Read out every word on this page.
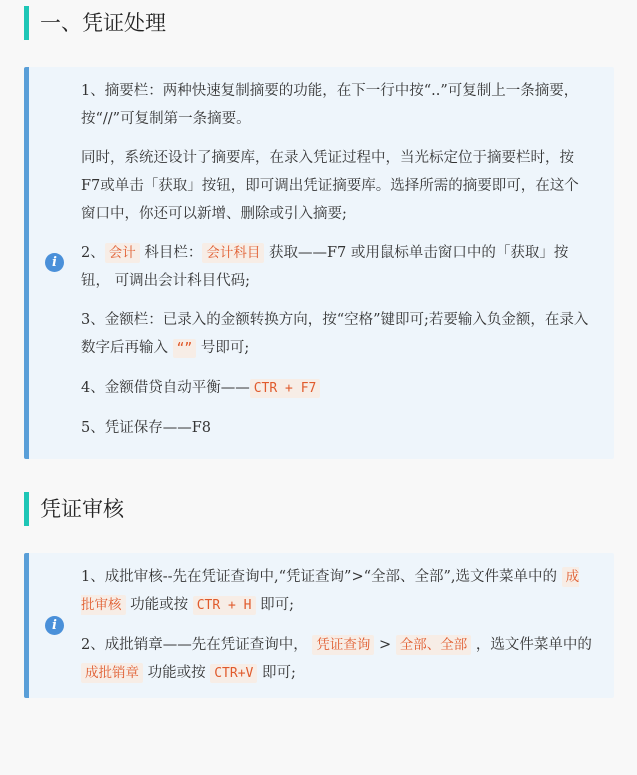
一、凭证处理
i

1、摘要栏：两种快速复制摘要的功能，在下一行中按“..”可复制上一条摘要，按“//”可复制第一条摘要。

同时，系统还设计了摘要库，在录入凭证过程中，当光标定位于摘要栏时，按F7或单击「获取」按钮，即可调出凭证摘要库。选择所需的摘要即可，在这个窗口中，你还可以新增、删除或引入摘要;

2、 会计 科目栏： 会计科目 获取——F7 或用鼠标单击窗口中的「获取」按钮， 可调出会计科目代码;

3、金额栏：已录入的金额转换方向，按“空格”键即可;若要输入负金额，在录入数字后再输入 “” 号即可;

4、金额借贷自动平衡—— CTR + F7

5、凭证保存——F8

凭证审核
i

1、成批审核--先在凭证查询中,“凭证查询”>“全部、全部”,选文件菜单中的 成批审核 功能或按 CTR + H 即可;

2、成批销章——先在凭证查询中， 凭证查询 > 全部、全部 ，选文件菜单中的 成批销章 功能或按 CTR+V 即可;
